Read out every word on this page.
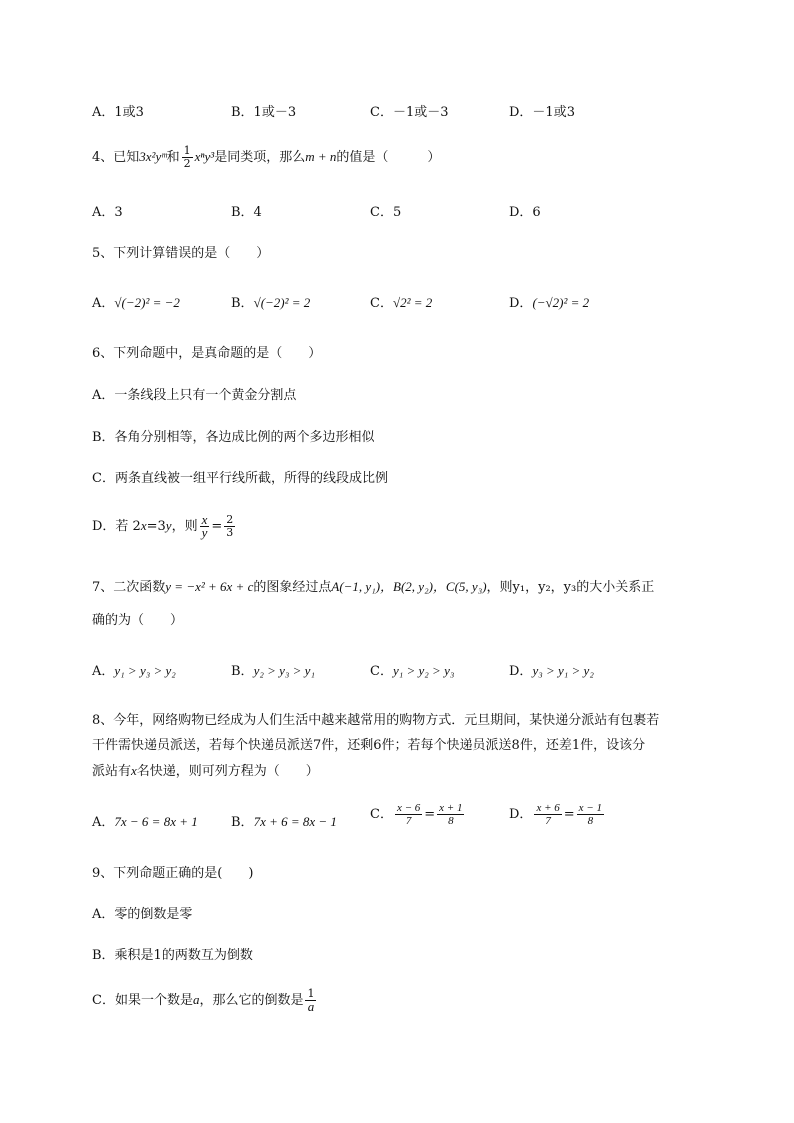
A．1或3	B．1或－3	C．－1或－3	D．－1或3
4、已知3x²yᵐ和 $\frac{1}{2} x^ny^3$是同类项，那么m + n的值是（　　　）
A．3	B．4	C．5	D．6
5、下列计算错误的是（　　）
A．√(−2)² = −2	B．√(−2)² = 2	C．√2² = 2	D．(−√2)² = 2
6、下列命题中，是真命题的是（　　）
A．一条线段上只有一个黄金分割点
B．各角分别相等，各边成比例的两个多边形相似
C．两条直线被一组平行线所截，所得的线段成比例
D．若 2x=3y，则 $\frac{x}{y} = \frac{2}{3}$
7、二次函数y = −x² + 6x + c的图象经过点A(−1, y₁)，B(2, y₂)，C(5, y₃)，则y₁，y₂，y₃的大小关系正
确的为（　　）
A．y₁ > y₃ > y₂	B．y₂ > y₃ > y₁	C．y₁ > y₂ > y₃	D．y₃ > y₁ > y₂
8、今年，网络购物已经成为人们生活中越来越常用的购物方式．元旦期间，某快递分派站有包裹若
干件需快递员派送，若每个快递员派送7件，还剩6件；若每个快递员派送8件，还差1件，设该分
派站有x名快递，则可列方程为（　　）
A．7x − 6 = 8x + 1	B．7x + 6 = 8x − 1	C． $\frac{x - 6}{7} = \frac{x + 1}{8}$	D． $\frac{x + 6}{7} = \frac{x - 1}{8}$
9、下列命题正确的是(　　)
A．零的倒数是零
B．乘积是1的两数互为倒数
C．如果一个数是a，那么它的倒数是 $\frac{1}{a}$
